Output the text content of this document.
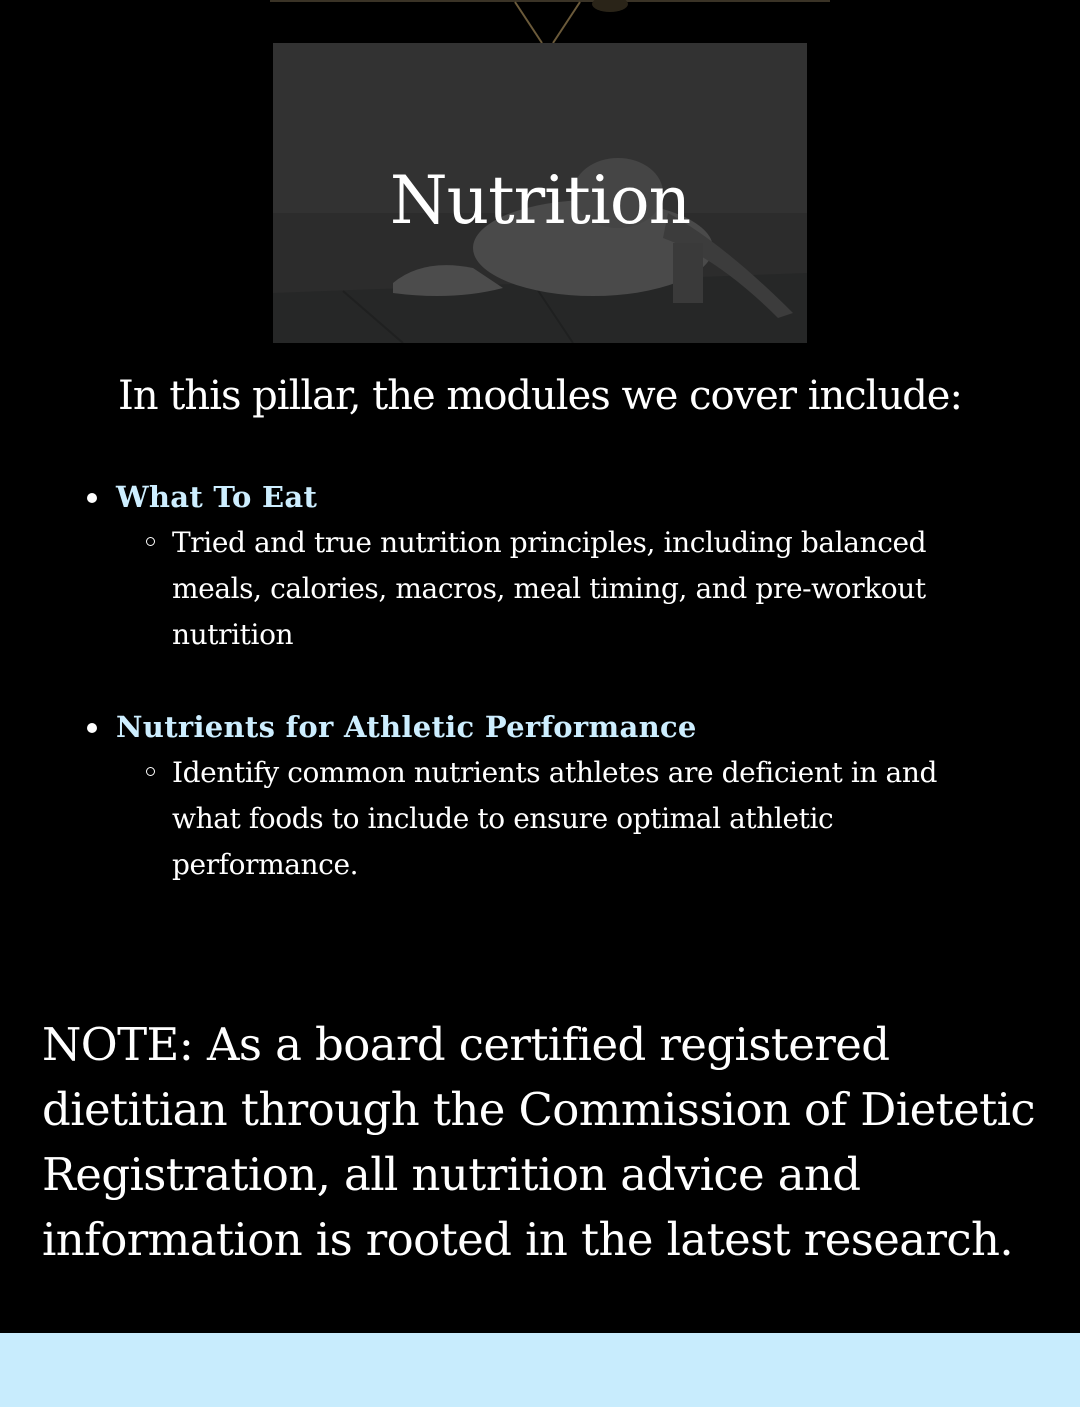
Nutrition
In this pillar, the modules we cover include:
What To Eat
Tried and true nutrition principles, including balanced meals, calories, macros, meal timing, and pre-workout nutrition
Nutrients for Athletic Performance
Identify common nutrients athletes are deficient in and what foods to include to ensure optimal athletic performance.
NOTE: As a board certified registered dietitian through the Commission of Dietetic Registration, all nutrition advice and information is rooted in the latest research.
